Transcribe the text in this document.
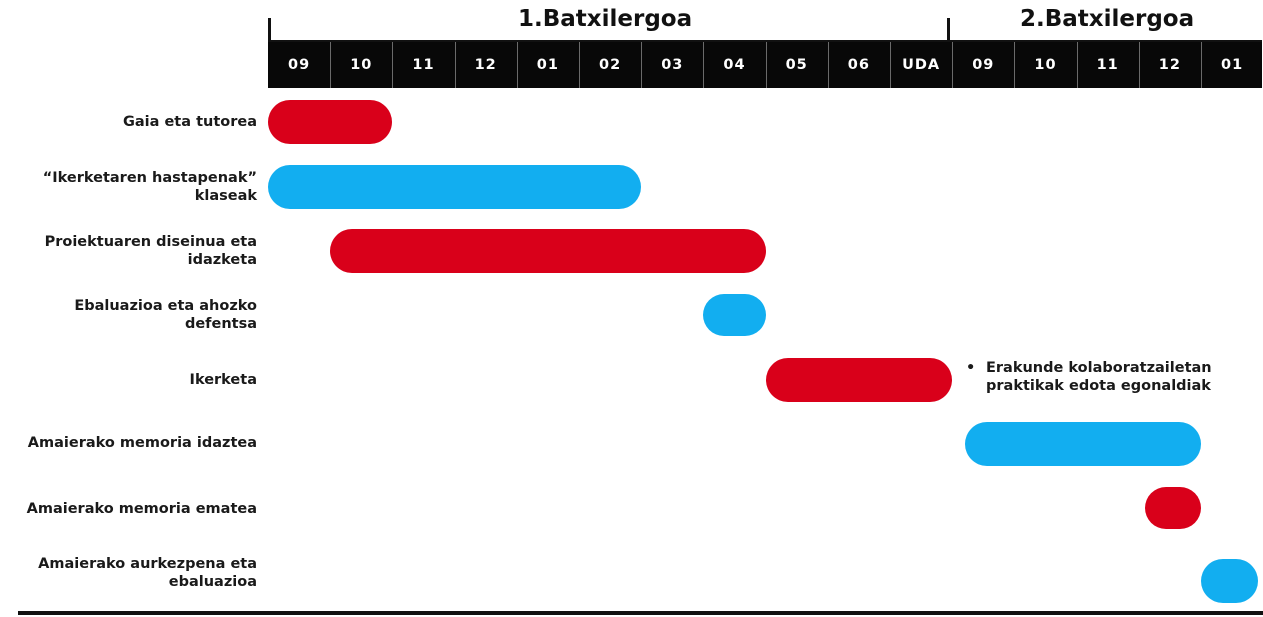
1.Batxilergoa	2.Batxilergoa
09	10	11	12	01	02	03	04	05	06	UDA	09	10	11	12	01
Gaia eta tutorea
“Ikerketaren hastapenak”
klaseak
Proiektuaren diseinua eta
idazketa
Ebaluazioa eta ahozko
defentsa
Ikerketa
Amaierako memoria idaztea
Amaierako memoria ematea
Amaierako aurkezpena eta
ebaluazioa
• Erakunde kolaboratzailetan
praktikak edota egonaldiak
